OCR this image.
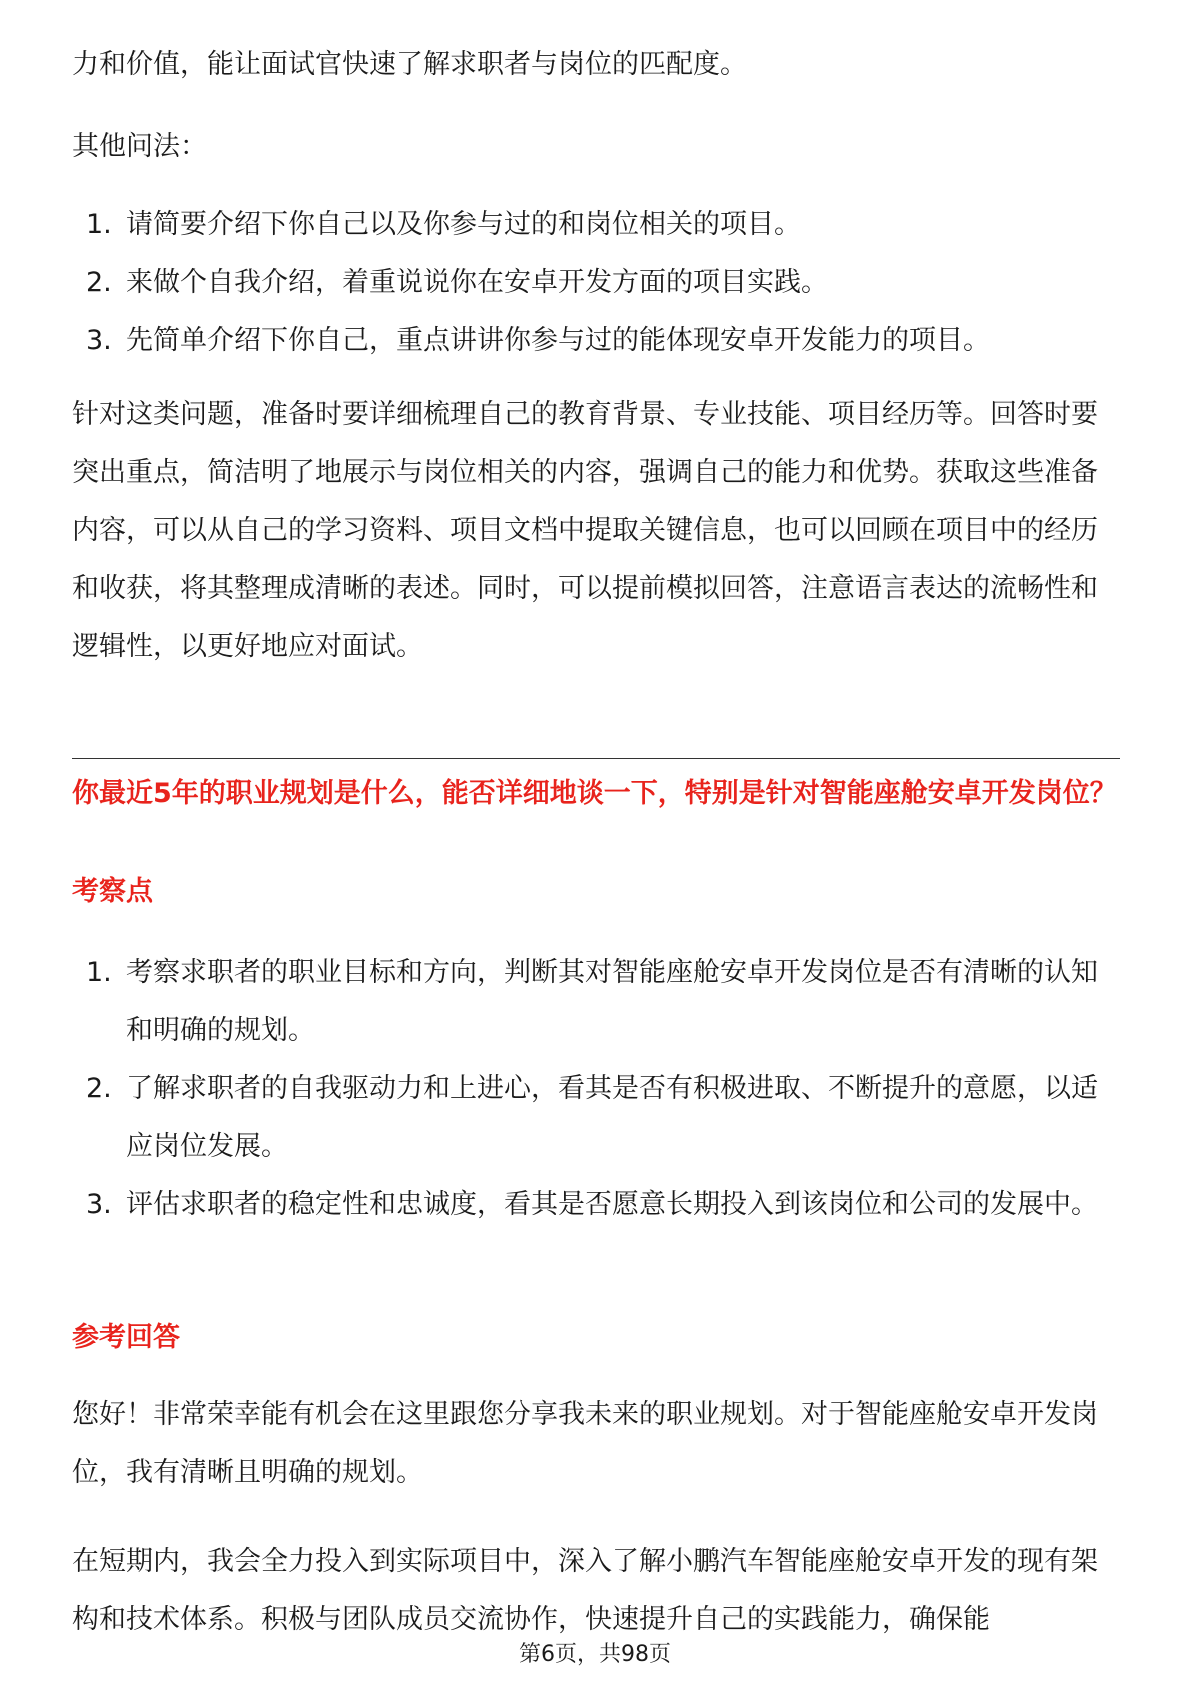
力和价值，能让面试官快速了解求职者与岗位的匹配度。
其他问法：
1. 请简要介绍下你自己以及你参与过的和岗位相关的项目。
2. 来做个自我介绍，着重说说你在安卓开发方面的项目实践。
3. 先简单介绍下你自己，重点讲讲你参与过的能体现安卓开发能力的项目。
针对这类问题，准备时要详细梳理自己的教育背景、专业技能、项目经历等。回答时要突出重点，简洁明了地展示与岗位相关的内容，强调自己的能力和优势。获取这些准备内容，可以从自己的学习资料、项目文档中提取关键信息，也可以回顾在项目中的经历和收获，将其整理成清晰的表述。同时，可以提前模拟回答，注意语言表达的流畅性和逻辑性，以更好地应对面试。
你最近5年的职业规划是什么，能否详细地谈一下，特别是针对智能座舱安卓开发岗位？
考察点
1. 考察求职者的职业目标和方向，判断其对智能座舱安卓开发岗位是否有清晰的认知和明确的规划。
2. 了解求职者的自我驱动力和上进心，看其是否有积极进取、不断提升的意愿，以适应岗位发展。
3. 评估求职者的稳定性和忠诚度，看其是否愿意长期投入到该岗位和公司的发展中。
参考回答
您好！非常荣幸能有机会在这里跟您分享我未来的职业规划。对于智能座舱安卓开发岗位，我有清晰且明确的规划。
在短期内，我会全力投入到实际项目中，深入了解小鹏汽车智能座舱安卓开发的现有架构和技术体系。积极与团队成员交流协作，快速提升自己的实践能力，确保能
第6页，共98页
